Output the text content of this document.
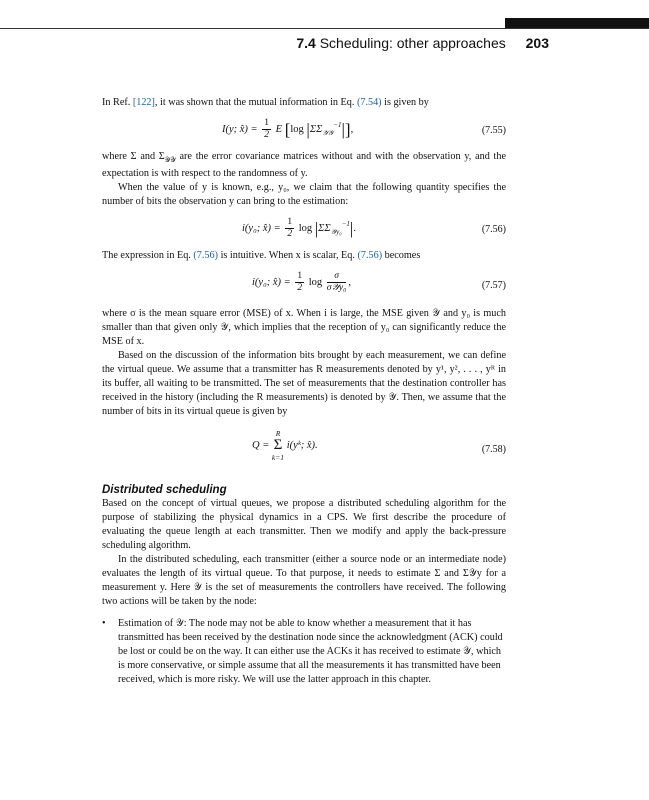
7.4 Scheduling: other approaches 203

In Ref. [122], it was shown that the mutual information in Eq. (7.54) is given by

I(y; x̂) = $\frac{1}{2}$ E [log $|\Sigma\Sigma_{𝒴𝒴}^{-1}|$],	(7.55)

where Σ and $\Sigma_{𝒴𝒴}$ are the error covariance matrices without and with the observation y, and the expectation is with respect to the randomness of y.

When the value of y is known, e.g., y₀, we claim that the following quantity specifies the number of bits the observation y can bring to the estimation:

i(y₀; x̂) = $\frac{1}{2}$ $\log |\Sigma\Sigma_{𝒴y_0}^{-1}|$.	(7.56)

The expression in Eq. (7.56) is intuitive. When x is scalar, Eq. (7.56) becomes

i(y₀; x̂) = $\frac{1}{2}$ $\log \frac{\sigma}{\text{σ𝒴y₀}}$ ,	(7.57)

where σ is the mean square error (MSE) of x. When i is large, the MSE given 𝒴 and y₀ is much smaller than that given only 𝒴, which implies that the reception of y₀ can significantly reduce the MSE of x.

Based on the discussion of the information bits brought by each measurement, we can define the virtual queue. We assume that a transmitter has R measurements denoted by y¹, y², . . . , yᴿ in its buffer, all waiting to be transmitted. The set of measurements that the destination controller has received in the history (including the R measurements) is denoted by 𝒴. Then, we assume that the number of bits in its virtual queue is given by

Q =
R
Σ
k=1
i(yᵏ; x̂).	(7.58)
Distributed scheduling

Based on the concept of virtual queues, we propose a distributed scheduling algorithm for the purpose of stabilizing the physical dynamics in a CPS. We first describe the procedure of evaluating the queue length at each transmitter. Then we modify and apply the back-pressure scheduling algorithm.

In the distributed scheduling, each transmitter (either a source node or an intermediate node) evaluates the length of its virtual queue. To that purpose, it needs to estimate Σ and Σ𝒴y for a measurement y. Here 𝒴 is the set of measurements the controllers have received. The following two actions will be taken by the node:

• Estimation of 𝒴: The node may not be able to know whether a measurement that it has transmitted has been received by the destination node since the acknowledgment (ACK) could be lost or could be on the way. It can either use the ACKs it has received to estimate 𝒴, which is more conservative, or simple assume that all the measurements it has transmitted have been received, which is more risky. We will use the latter approach in this chapter.
